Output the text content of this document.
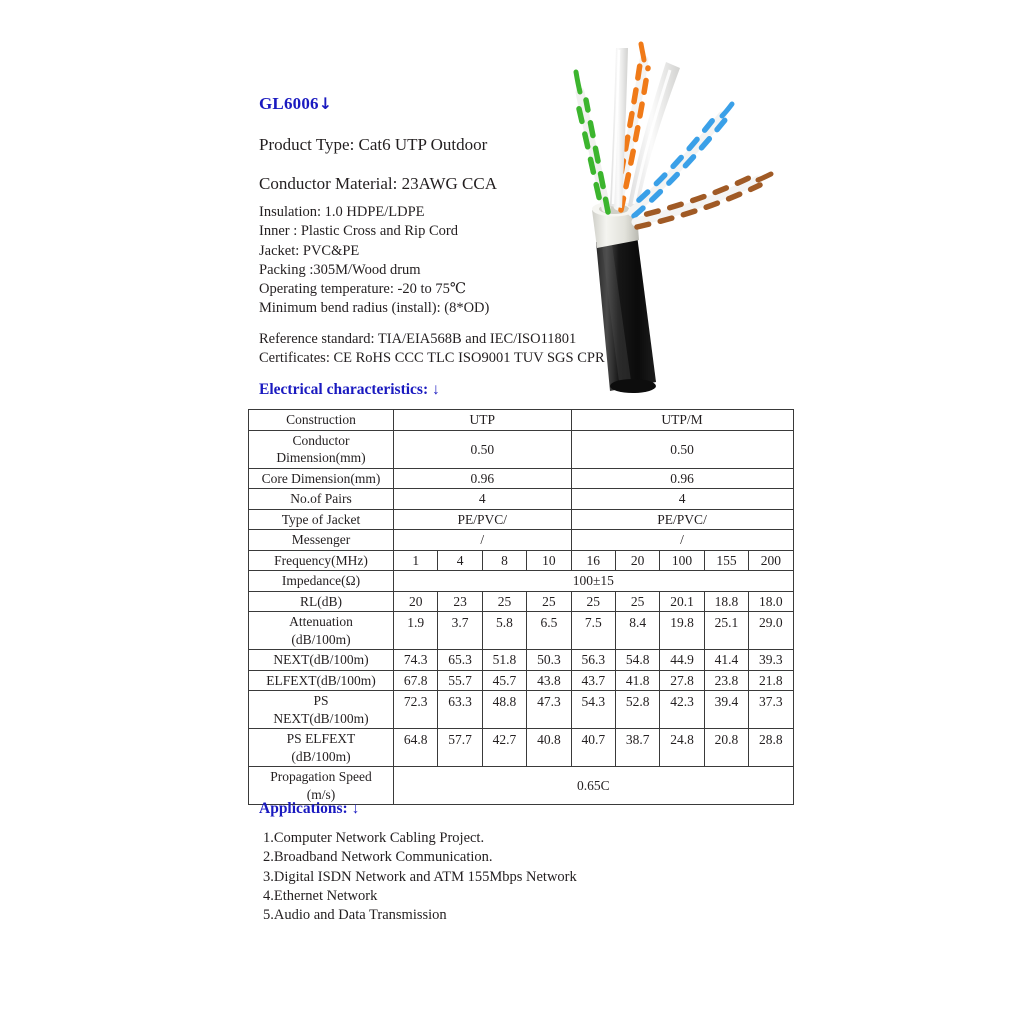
GL6006↓
Product Type: Cat6 UTP Outdoor
Conductor Material: 23AWG CCA
Insulation: 1.0 HDPE/LDPE
Inner : Plastic Cross and Rip Cord
Jacket: PVC&PE
Packing :305M/Wood drum
Operating temperature: -20 to 75℃
Minimum bend radius (install): (8*OD)
Reference standard: TIA/EIA568B and IEC/ISO11801
Certificates: CE RoHS CCC TLC ISO9001 TUV SGS CPR
Electrical characteristics: ↓
Construction	UTP				UTP/M				
Conductor Dimension(mm)	0.50				0.50				
Core Dimension(mm)	0.96				0.96				
No.of Pairs	4				4				
Type of Jacket	PE/PVC/				PE/PVC/				
Messenger	/				/				
Frequency(MHz)	1	4	8	10	16	20	100	155	200
Impedance(Ω)	100±15								
RL(dB)	20	23	25	25	25	25	20.1	18.8	18.0
Attenuation
(dB/100m)	1.9	3.7	5.8	6.5	7.5	8.4	19.8	25.1	29.0
NEXT(dB/100m)	74.3	65.3	51.8	50.3	56.3	54.8	44.9	41.4	39.3
ELFEXT(dB/100m)	67.8	55.7	45.7	43.8	43.7	41.8	27.8	23.8	21.8
PS
NEXT(dB/100m)	72.3	63.3	48.8	47.3	54.3	52.8	42.3	39.4	37.3
PS ELFEXT
(dB/100m)	64.8	57.7	42.7	40.8	40.7	38.7	24.8	20.8	28.8
Propagation Speed
(m/s)	0.65C								
Applications: ↓
1.Computer Network Cabling Project.
2.Broadband Network Communication.
3.Digital ISDN Network and ATM 155Mbps Network
4.Ethernet Network
5.Audio and Data Transmission
